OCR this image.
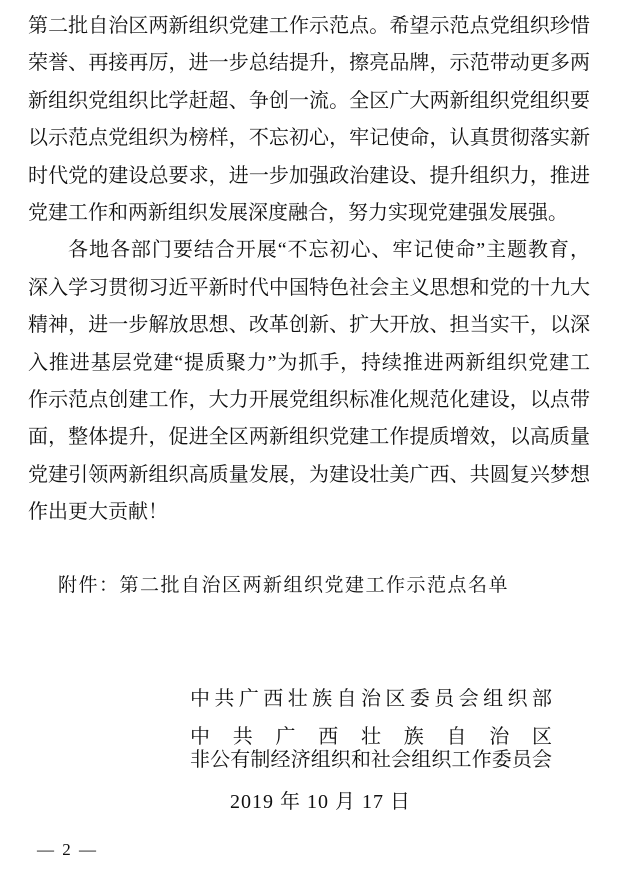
第二批自治区两新组织党建工作示范点。希望示范点党组织珍惜
荣誉、再接再厉，进一步总结提升，擦亮品牌，示范带动更多两
新组织党组织比学赶超、争创一流。全区广大两新组织党组织要
以示范点党组织为榜样，不忘初心，牢记使命，认真贯彻落实新
时代党的建设总要求，进一步加强政治建设、提升组织力，推进
党建工作和两新组织发展深度融合，努力实现党建强发展强。
各地各部门要结合开展“不忘初心、牢记使命”主题教育，
深入学习贯彻习近平新时代中国特色社会主义思想和党的十九大
精神，进一步解放思想、改革创新、扩大开放、担当实干，以深
入推进基层党建“提质聚力”为抓手，持续推进两新组织党建工
作示范点创建工作，大力开展党组织标准化规范化建设，以点带
面，整体提升，促进全区两新组织党建工作提质增效，以高质量
党建引领两新组织高质量发展，为建设壮美广西、共圆复兴梦想
作出更大贡献！
附件：第二批自治区两新组织党建工作示范点名单
中共广西壮族自治区委员会组织部
中共广西壮族自治区
非公有制经济组织和社会组织工作委员会
2019 年 10 月 17 日
— 2 —
